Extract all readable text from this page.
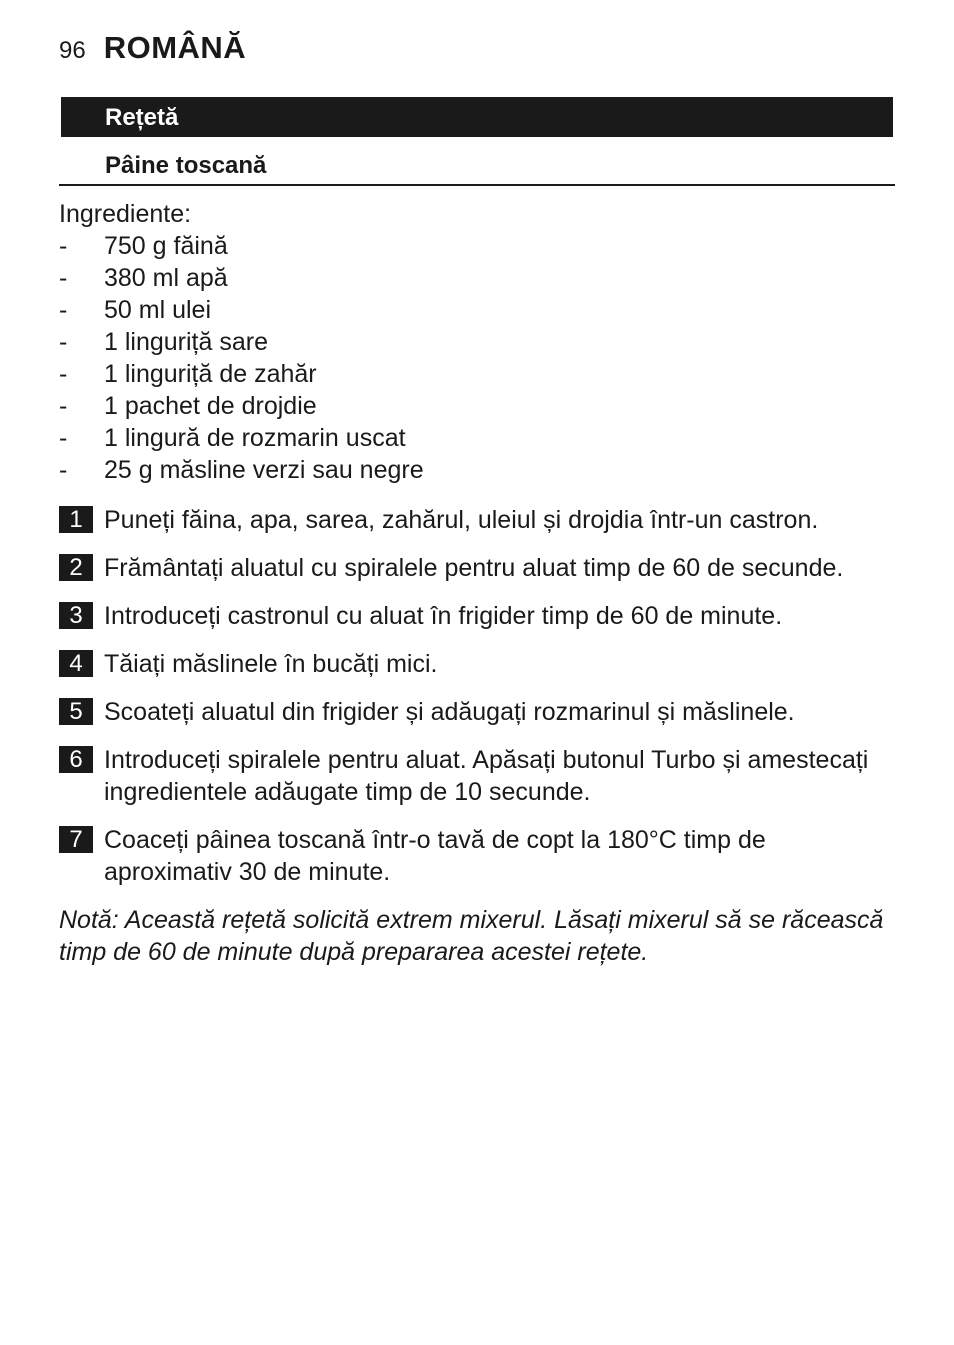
96 ROMÂNĂ
Rețetă
Pâine toscană
Ingrediente:
-	750 g făină
-	380 ml apă
-	50 ml ulei
-	1 linguriță sare
-	1 linguriță de zahăr
-	1 pachet de drojdie
-	1 lingură de rozmarin uscat
-	25 g măsline verzi sau negre
1 Puneți făina, apa, sarea, zahărul, uleiul și drojdia într-un castron.
2 Frământați aluatul cu spiralele pentru aluat timp de 60 de secunde.
3 Introduceți castronul cu aluat în frigider timp de 60 de minute.
4 Tăiați măslinele în bucăți mici.
5 Scoateți aluatul din frigider și adăugați rozmarinul și măslinele.
6 Introduceți spiralele pentru aluat. Apăsați butonul Turbo și amestecați ingredientele adăugate timp de 10 secunde.
7 Coaceți pâinea toscană într-o tavă de copt la 180°C timp de aproximativ 30 de minute.
Notă: Această rețetă solicită extrem mixerul. Lăsați mixerul să se răcească timp de 60 de minute după prepararea acestei rețete.
